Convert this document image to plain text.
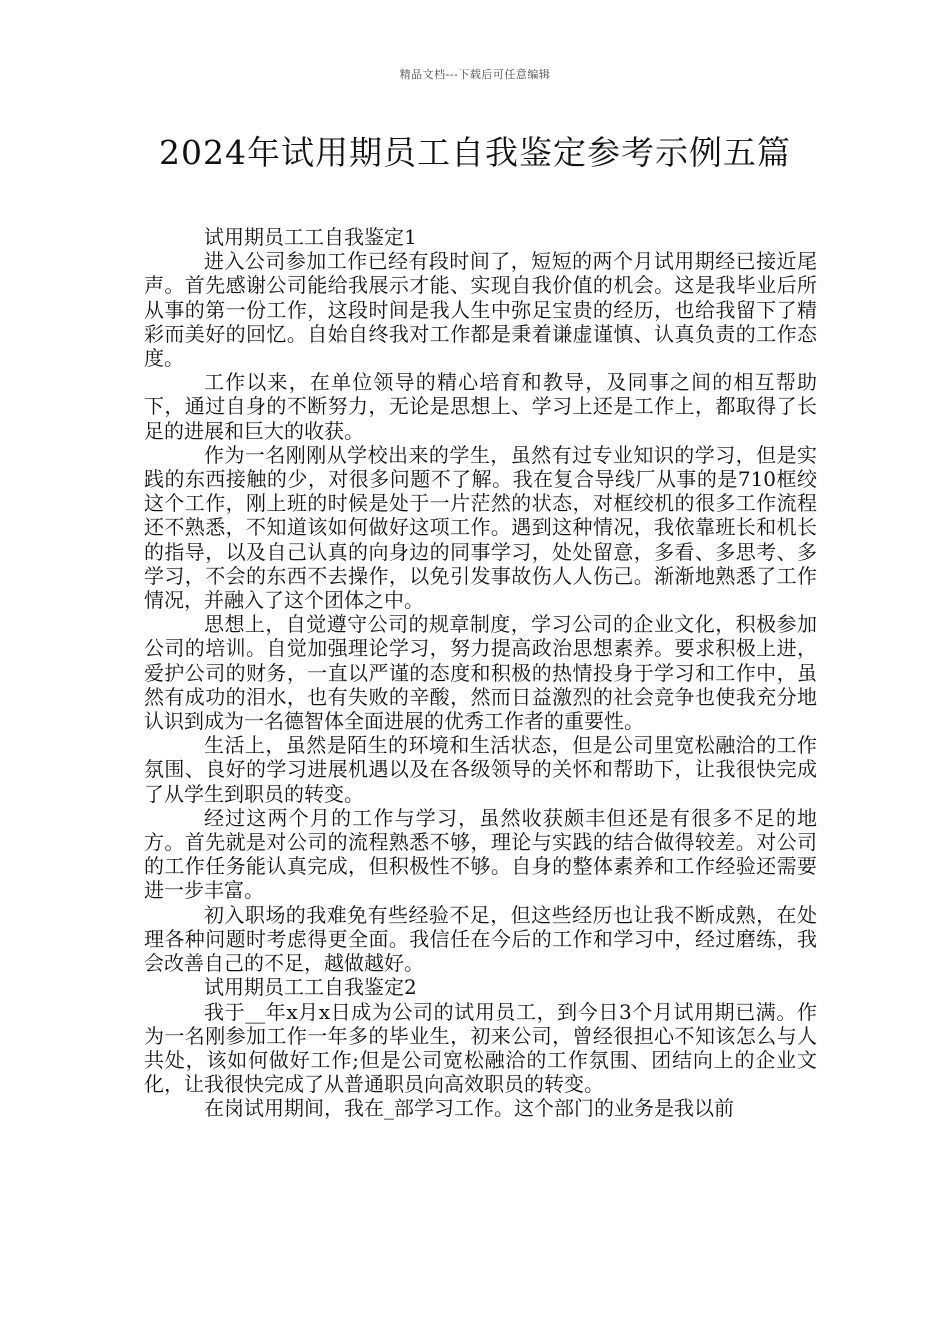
精品文档---下载后可任意编辑
2024年试用期员工自我鉴定参考示例五篇

试用期员工工自我鉴定1

进入公司参加工作已经有段时间了，短短的两个月试用期经已接近尾声。首先感谢公司能给我展示才能、实现自我价值的机会。这是我毕业后所从事的第一份工作，这段时间是我人生中弥足宝贵的经历，也给我留下了精彩而美好的回忆。自始自终我对工作都是秉着谦虚谨慎、认真负责的工作态度。

工作以来，在单位领导的精心培育和教导，及同事之间的相互帮助下，通过自身的不断努力，无论是思想上、学习上还是工作上，都取得了长足的进展和巨大的收获。

作为一名刚刚从学校出来的学生，虽然有过专业知识的学习，但是实践的东西接触的少，对很多问题不了解。我在复合导线厂从事的是710框绞这个工作，刚上班的时候是处于一片茫然的状态，对框绞机的很多工作流程还不熟悉，不知道该如何做好这项工作。遇到这种情况，我依靠班长和机长的指导，以及自己认真的向身边的同事学习，处处留意，多看、多思考、多学习，不会的东西不去操作，以免引发事故伤人人伤己。渐渐地熟悉了工作情况，并融入了这个团体之中。

思想上，自觉遵守公司的规章制度，学习公司的企业文化，积极参加公司的培训。自觉加强理论学习，努力提高政治思想素养。要求积极上进，爱护公司的财务，一直以严谨的态度和积极的热情投身于学习和工作中，虽然有成功的泪水，也有失败的辛酸，然而日益激烈的社会竞争也使我充分地认识到成为一名德智体全面进展的优秀工作者的重要性。

生活上，虽然是陌生的环境和生活状态，但是公司里宽松融洽的工作氛围、良好的学习进展机遇以及在各级领导的关怀和帮助下，让我很快完成了从学生到职员的转变。

经过这两个月的工作与学习，虽然收获颇丰但还是有很多不足的地方。首先就是对公司的流程熟悉不够，理论与实践的结合做得较差。对公司的工作任务能认真完成，但积极性不够。自身的整体素养和工作经验还需要进一步丰富。

初入职场的我难免有些经验不足，但这些经历也让我不断成熟，在处理各种问题时考虑得更全面。我信任在今后的工作和学习中，经过磨练，我会改善自己的不足，越做越好。

试用期员工工自我鉴定2

我于__年x月x日成为公司的试用员工，到今日3个月试用期已满。作为一名刚参加工作一年多的毕业生，初来公司，曾经很担心不知该怎么与人共处，该如何做好工作;但是公司宽松融洽的工作氛围、团结向上的企业文化，让我很快完成了从普通职员向高效职员的转变。

在岗试用期间，我在_部学习工作。这个部门的业务是我以前
